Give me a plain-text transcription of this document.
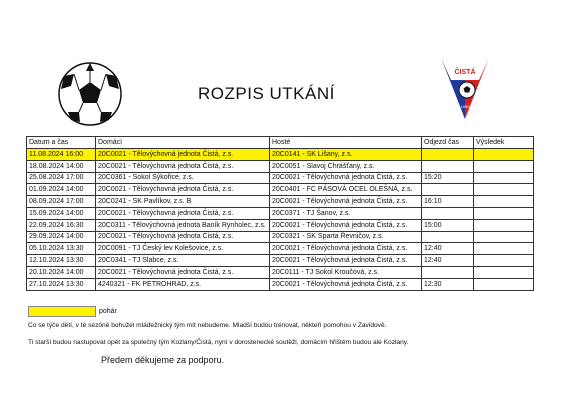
ČISTÁ
1950
ROZPIS UTKÁNÍ
Datum a čas	Domácí	Hosté	Odjezd čas	Výsledek
11.08.2024 16:00	20C0021 - Tělovýchovná jednota Čistá, z.s.	20C0141 - SK Lišany, z.s.		
18.08.2024 14:00	20C0021 - Tělovýchovná jednota Čistá, z.s.	20C0051 - Slavoj Chrášťany, z.s.		
25.08.2024 17:00	20C0361 - Sokol Sýkořice, z.s.	20C0021 - Tělovýchovná jednota Čistá, z.s.	15:20	
01.09.2024 14:00	20C0021 - Tělovýchovná jednota Čistá, z.s.	20C0401 - FC PÁSOVÁ OCEL OLEŠNÁ, z.s.		
08.09.2024 17:00	20C0241 - SK Pavlíkov, z.s. B	20C0021 - Tělovýchovná jednota Čistá, z.s.	16:10	
15.09.2024 14:00	20C0021 - Tělovýchovná jednota Čistá, z.s.	20C0371 - TJ Šanov, z.s.		
22.09.2024 16:30	20C0311 - Tělovýchovná jednota Baník Rynholec, z.s.	20C0021 - Tělovýchovná jednota Čistá, z.s.	15:00	
29.09.2024 14:00	20C0021 - Tělovýchovná jednota Čistá, z.s.	20C0321 - SK Sparta Řevničov, z.s.		
05.10.2024 13:30	20C0091 - TJ Český lev Kolešovice, z.s.	20C0021 - Tělovýchovná jednota Čistá, z.s.	12:40	
12.10.2024 13:30	20C0341 - TJ Slabce, z.s.	20C0021 - Tělovýchovná jednota Čistá, z.s.	12:40	
20.10.2024 14:00	20C0021 - Tělovýchovná jednota Čistá, z.s.	20C0111 - TJ Sokol Kroučová, z.s.		
27.10.2024 13:30	4240321 - FK PETROHRAD, z.s.	20C0021 - Tělovýchovná jednota Čistá, z.s.	12:30	
pohár
Co se týče dětí, v tě sezóně bohužel mládežnický tým mít nebudeme. Mladší budou trénovat, někteří pomohou v Zavidově.
Ti starší budou nastupovat opět za společný tým Kozlany/Čistá, nyní v dorostenecké soutěži, domácím hřištěm budou ale Kozlany.
Předem děkujeme za podporu.
